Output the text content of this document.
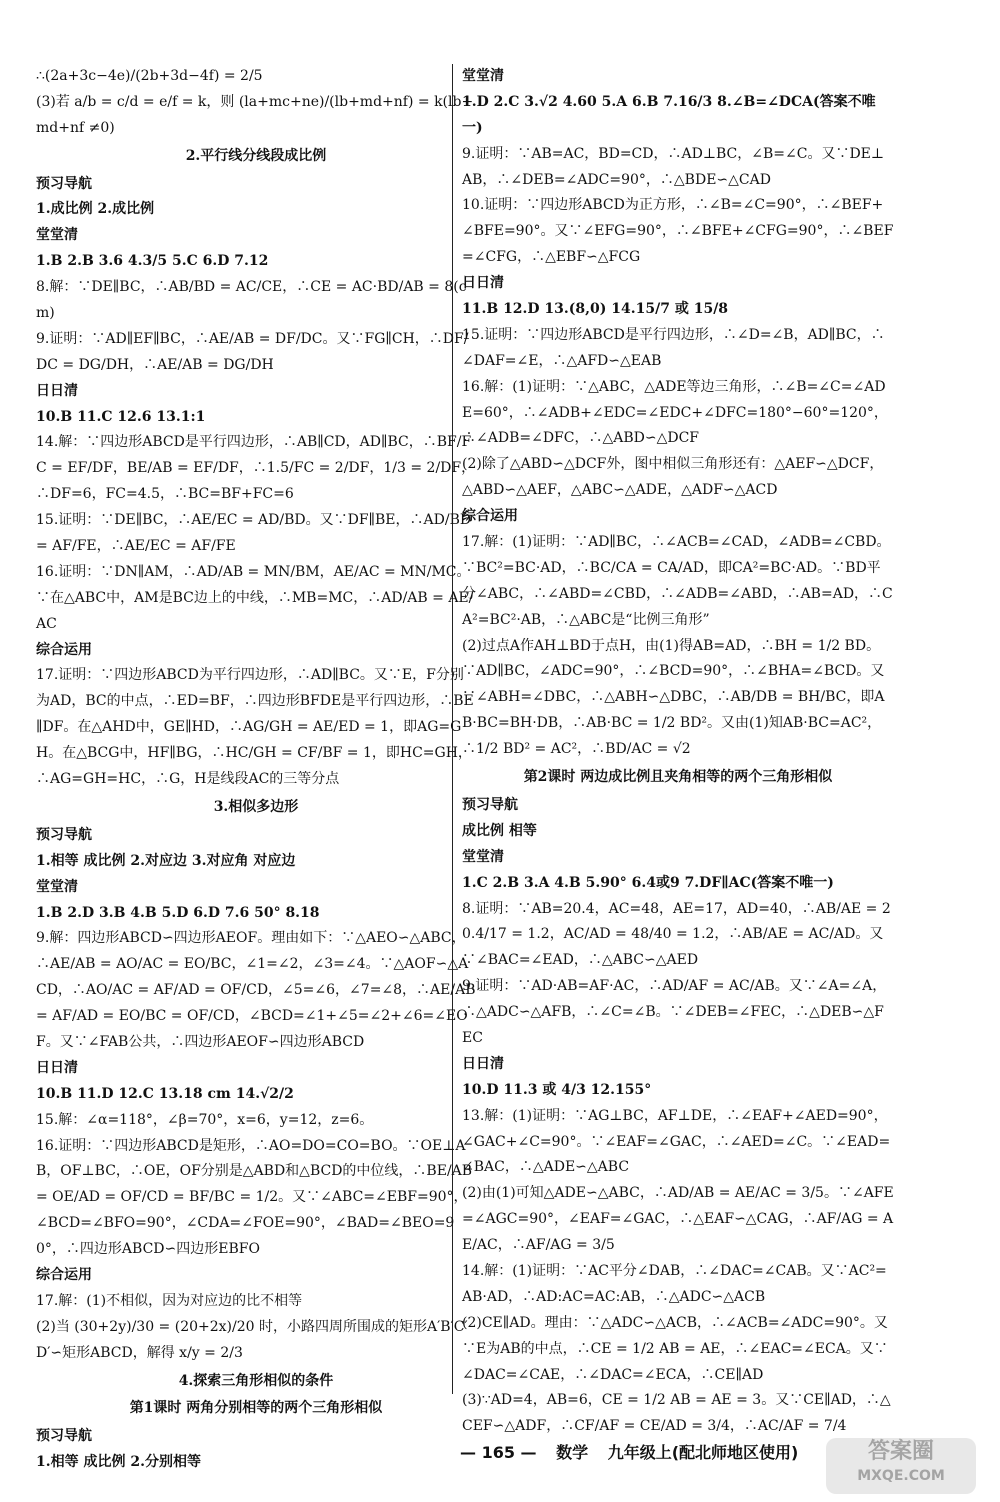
∴(2a+3c−4e)/(2b+3d−4f) = 2/5
(3)若 a/b = c/d = e/f = k，则 (la+mc+ne)/(lb+md+nf) = k(lb+md+nf ≠0)
2.平行线分线段成比例
预习导航
1.成比例 2.成比例
堂堂清
1.B 2.B 3.6 4.3/5 5.C 6.D 7.12
8.解：∵DE∥BC，∴AB/BD = AC/CE，∴CE = AC·BD/AB = 8(cm)
9.证明：∵AD∥EF∥BC，∴AE/AB = DF/DC。又∵FG∥CH，∴DF/DC = DG/DH，∴AE/AB = DG/DH
日日清
10.B 11.C 12.6 13.1:1
14.解：∵四边形ABCD是平行四边形，∴AB∥CD，AD∥BC，∴BF/FC = EF/DF，BE/AB = EF/DF，∴1.5/FC = 2/DF，1/3 = 2/DF，∴DF=6，FC=4.5，∴BC=BF+FC=6
15.证明：∵DE∥BC，∴AE/EC = AD/BD。又∵DF∥BE，∴AD/BD = AF/FE，∴AE/EC = AF/FE
16.证明：∵DN∥AM，∴AD/AB = MN/BM，AE/AC = MN/MC。∵在△ABC中，AM是BC边上的中线，∴MB=MC，∴AD/AB = AE/AC
综合运用
17.证明：∵四边形ABCD为平行四边形，∴AD∥BC。又∵E，F分别为AD，BC的中点，∴ED=BF，∴四边形BFDE是平行四边形，∴BE∥DF。在△AHD中，GE∥HD，∴AG/GH = AE/ED = 1，即AG=GH。在△BCG中，HF∥BG，∴HC/GH = CF/BF = 1，即HC=GH，∴AG=GH=HC，∴G，H是线段AC的三等分点
3.相似多边形
预习导航
1.相等 成比例 2.对应边 3.对应角 对应边
堂堂清
1.B 2.D 3.B 4.B 5.D 6.D 7.6 50° 8.18
9.解：四边形ABCD∽四边形AEOF。理由如下：∵△AEO∽△ABC，∴AE/AB = AO/AC = EO/BC，∠1=∠2，∠3=∠4。∵△AOF∽△ACD，∴AO/AC = AF/AD = OF/CD，∠5=∠6，∠7=∠8，∴AE/AB = AF/AD = EO/BC = OF/CD，∠BCD=∠1+∠5=∠2+∠6=∠EOF。又∵∠FAB公共，∴四边形AEOF∽四边形ABCD
日日清
10.B 11.D 12.C 13.18 cm 14.√2/2
15.解：∠α=118°，∠β=70°，x=6，y=12，z=6。
16.证明：∵四边形ABCD是矩形，∴AO=DO=CO=BO。∵OE⊥AB，OF⊥BC，∴OE，OF分别是△ABD和△BCD的中位线，∴BE/AB = OE/AD = OF/CD = BF/BC = 1/2。又∵∠ABC=∠EBF=90°，∠BCD=∠BFO=90°，∠CDA=∠FOE=90°，∠BAD=∠BEO=90°，∴四边形ABCD∽四边形EBFO
综合运用
17.解：(1)不相似，因为对应边的比不相等
(2)当 (30+2y)/30 = (20+2x)/20 时，小路四周所围成的矩形A′B′C′D′∽矩形ABCD，解得 x/y = 2/3
4.探索三角形相似的条件
第1课时 两角分别相等的两个三角形相似
预习导航
1.相等 成比例 2.分别相等
堂堂清
1.D 2.C 3.√2 4.60 5.A 6.B 7.16/3 8.∠B=∠DCA(答案不唯一)
9.证明：∵AB=AC，BD=CD，∴AD⊥BC，∠B=∠C。又∵DE⊥AB，∴∠DEB=∠ADC=90°，∴△BDE∽△CAD
10.证明：∵四边形ABCD为正方形，∴∠B=∠C=90°，∴∠BEF+∠BFE=90°。又∵∠EFG=90°，∴∠BFE+∠CFG=90°，∴∠BEF=∠CFG，∴△EBF∽△FCG
日日清
11.B 12.D 13.(8,0) 14.15/7 或 15/8
15.证明：∵四边形ABCD是平行四边形，∴∠D=∠B，AD∥BC，∴∠DAF=∠E，∴△AFD∽△EAB
16.解：(1)证明：∵△ABC，△ADE等边三角形，∴∠B=∠C=∠ADE=60°，∴∠ADB+∠EDC=∠EDC+∠DFC=180°−60°=120°，∴∠ADB=∠DFC，∴△ABD∽△DCF
(2)除了△ABD∽△DCF外，图中相似三角形还有：△AEF∽△DCF，△ABD∽△AEF，△ABC∽△ADE，△ADF∽△ACD
综合运用
17.解：(1)证明：∵AD∥BC，∴∠ACB=∠CAD，∠ADB=∠CBD。∵BC²=BC·AD，∴BC/CA = CA/AD，即CA²=BC·AD。∵BD平分∠ABC，∴∠ABD=∠CBD，∴∠ADB=∠ABD，∴AB=AD，∴CA²=BC²·AB，∴△ABC是“比例三角形”
(2)过点A作AH⊥BD于点H，由(1)得AB=AD，∴BH = 1/2 BD。∵AD∥BC，∠ADC=90°，∴∠BCD=90°，∴∠BHA=∠BCD。又∵∠ABH=∠DBC，∴△ABH∽△DBC，∴AB/DB = BH/BC，即AB·BC=BH·DB，∴AB·BC = 1/2 BD²。又由(1)知AB·BC=AC²，∴1/2 BD² = AC²，∴BD/AC = √2
第2课时 两边成比例且夹角相等的两个三角形相似
预习导航
成比例 相等
堂堂清
1.C 2.B 3.A 4.B 5.90° 6.4或9 7.DF∥AC(答案不唯一)
8.证明：∵AB=20.4，AC=48，AE=17，AD=40，∴AB/AE = 20.4/17 = 1.2，AC/AD = 48/40 = 1.2，∴AB/AE = AC/AD。又∵∠BAC=∠EAD，∴△ABC∽△AED
9.证明：∵AD·AB=AF·AC，∴AD/AF = AC/AB。又∵∠A=∠A，∴△ADC∽△AFB，∴∠C=∠B。∵∠DEB=∠FEC，∴△DEB∽△FEC
日日清
10.D 11.3 或 4/3 12.155°
13.解：(1)证明：∵AG⊥BC，AF⊥DE，∴∠EAF+∠AED=90°，∠GAC+∠C=90°。∵∠EAF=∠GAC，∴∠AED=∠C。∵∠EAD=∠BAC，∴△ADE∽△ABC
(2)由(1)可知△ADE∽△ABC，∴AD/AB = AE/AC = 3/5。∵∠AFE=∠AGC=90°，∠EAF=∠GAC，∴△EAF∽△CAG，∴AF/AG = AE/AC，∴AF/AG = 3/5
14.解：(1)证明：∵AC平分∠DAB，∴∠DAC=∠CAB。又∵AC²=AB·AD，∴AD:AC=AC:AB，∴△ADC∽△ACB
(2)CE∥AD。理由：∵△ADC∽△ACB，∴∠ACB=∠ADC=90°。又∵E为AB的中点，∴CE = 1/2 AB = AE，∴∠EAC=∠ECA。又∵∠DAC=∠CAE，∴∠DAC=∠ECA，∴CE∥AD
(3)∵AD=4，AB=6，CE = 1/2 AB = AE = 3。又∵CE∥AD，∴△CEF∽△ADF，∴CF/AF = CE/AD = 3/4，∴AC/AF = 7/4
— 165 — 数学 九年级上(配北师地区使用)	答案圈
MXQE.COM
